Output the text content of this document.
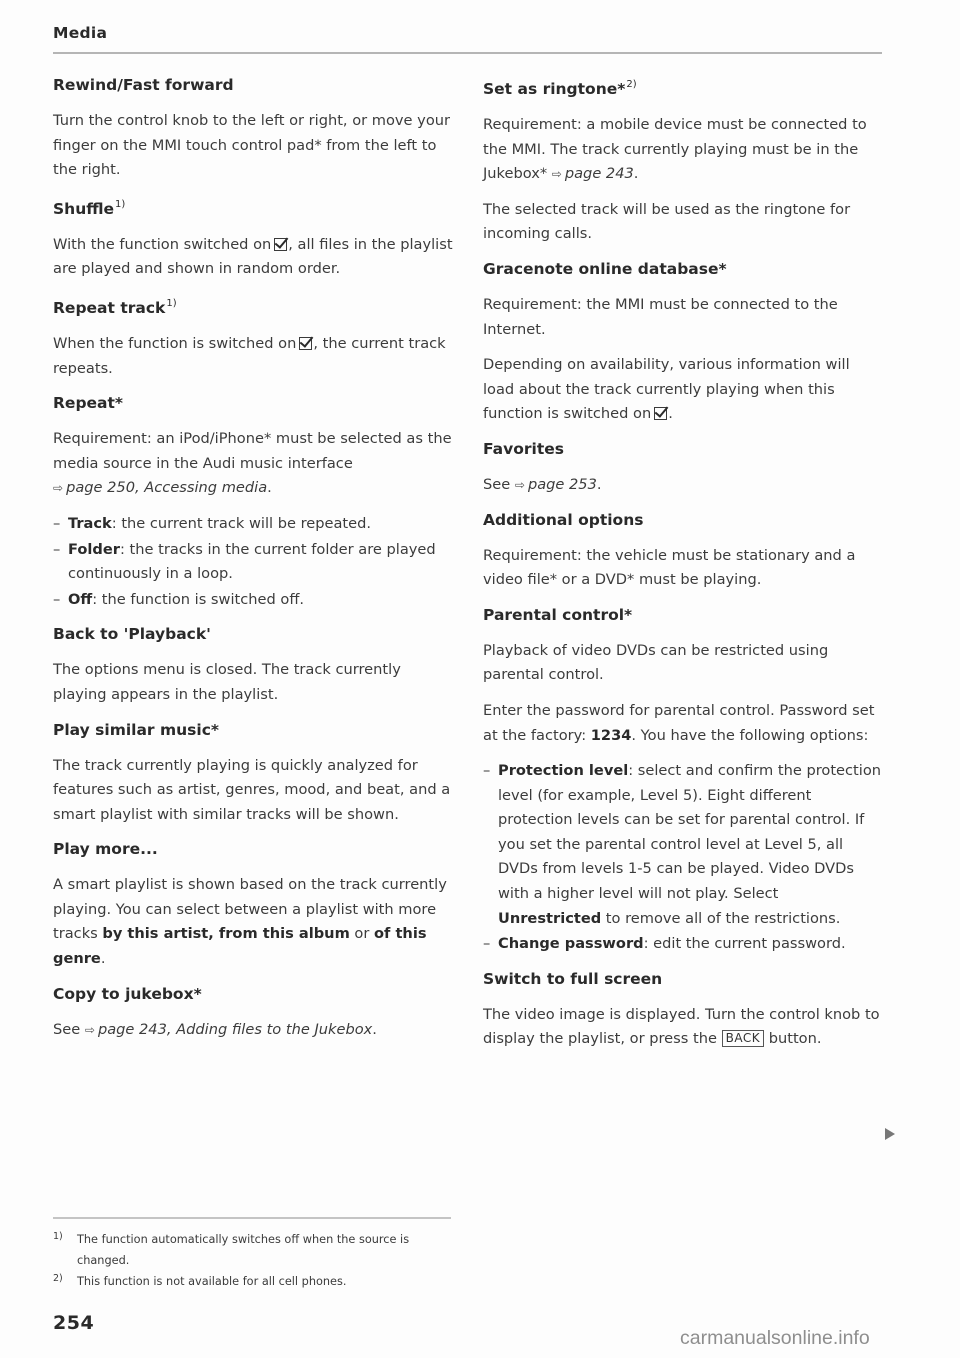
Media
Rewind/Fast forward

Turn the control knob to the left or right, or move your finger on the MMI touch control pad* from the left to the right.

Shuffle$^{1)}$

With the function switched on , all files in the playlist are played and shown in random order.

Repeat track$^{1)}$

When the function is switched on , the current track repeats.

Repeat*

Requirement: an iPod/iPhone* must be selected as the media source in the Audi music interface
⇨ page 250, Accessing media.

– Track: the current track will be repeated.
– Folder: the tracks in the current folder are played continuously in a loop.
– Off: the function is switched off.
Back to 'Playback'

The options menu is closed. The track currently playing appears in the playlist.

Play similar music*

The track currently playing is quickly analyzed for features such as artist, genres, mood, and beat, and a smart playlist with similar tracks will be shown.

Play more...

A smart playlist is shown based on the track currently playing. You can select between a playlist with more tracks by this artist, from this album or of this genre.

Copy to jukebox*

See ⇨ page 243, Adding files to the Jukebox.

Set as ringtone*$^{2)}$

Requirement: a mobile device must be connected to the MMI. The track currently playing must be in the Jukebox* ⇨ page 243.

The selected track will be used as the ringtone for incoming calls.

Gracenote online database*

Requirement: the MMI must be connected to the Internet.

Depending on availability, various information will load about the track currently playing when this function is switched on .

Favorites

See ⇨ page 253.

Additional options

Requirement: the vehicle must be stationary and a video file* or a DVD* must be playing.

Parental control*

Playback of video DVDs can be restricted using parental control.

Enter the password for parental control. Password set at the factory: 1234. You have the following options:

– Protection level: select and confirm the protection level (for example, Level 5). Eight different protection levels can be set for parental control. If you set the parental control level at Level 5, all DVDs from levels 1-5 can be played. Video DVDs with a higher level will not play. Select Unrestricted to remove all of the restrictions.
– Change password: edit the current password.
Switch to full screen

The video image is displayed. Turn the control knob to display the playlist, or press the BACK button.

1) The function automatically switches off when the source is changed.
2) This function is not available for all cell phones.
254
carmanualsonline.info
